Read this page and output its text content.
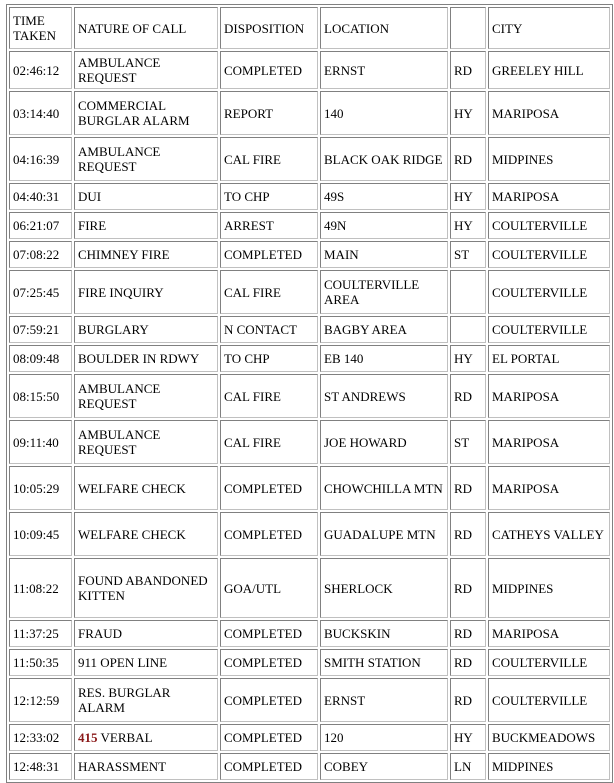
TIME TAKEN	NATURE OF CALL	DISPOSITION	LOCATION		CITY
02:46:12	AMBULANCE REQUEST	COMPLETED	ERNST	RD	GREELEY HILL
03:14:40	COMMERCIAL BURGLAR ALARM	REPORT	140	HY	MARIPOSA
04:16:39	AMBULANCE REQUEST	CAL FIRE	BLACK OAK RIDGE	RD	MIDPINES
04:40:31	DUI	TO CHP	49S	HY	MARIPOSA
06:21:07	FIRE	ARREST	49N	HY	COULTERVILLE
07:08:22	CHIMNEY FIRE	COMPLETED	MAIN	ST	COULTERVILLE
07:25:45	FIRE INQUIRY	CAL FIRE	COULTERVILLE AREA		COULTERVILLE
07:59:21	BURGLARY	N CONTACT	BAGBY AREA		COULTERVILLE
08:09:48	BOULDER IN RDWY	TO CHP	EB 140	HY	EL PORTAL
08:15:50	AMBULANCE REQUEST	CAL FIRE	ST ANDREWS	RD	MARIPOSA
09:11:40	AMBULANCE REQUEST	CAL FIRE	JOE HOWARD	ST	MARIPOSA
10:05:29	WELFARE CHECK	COMPLETED	CHOWCHILLA MTN	RD	MARIPOSA
10:09:45	WELFARE CHECK	COMPLETED	GUADALUPE MTN	RD	CATHEYS VALLEY
11:08:22	FOUND ABANDONED KITTEN	GOA/UTL	SHERLOCK	RD	MIDPINES
11:37:25	FRAUD	COMPLETED	BUCKSKIN	RD	MARIPOSA
11:50:35	911 OPEN LINE	COMPLETED	SMITH STATION	RD	COULTERVILLE
12:12:59	RES. BURGLAR ALARM	COMPLETED	ERNST	RD	COULTERVILLE
12:33:02	415 VERBAL	COMPLETED	120	HY	BUCKMEADOWS
12:48:31	HARASSMENT	COMPLETED	COBEY	LN	MIDPINES
